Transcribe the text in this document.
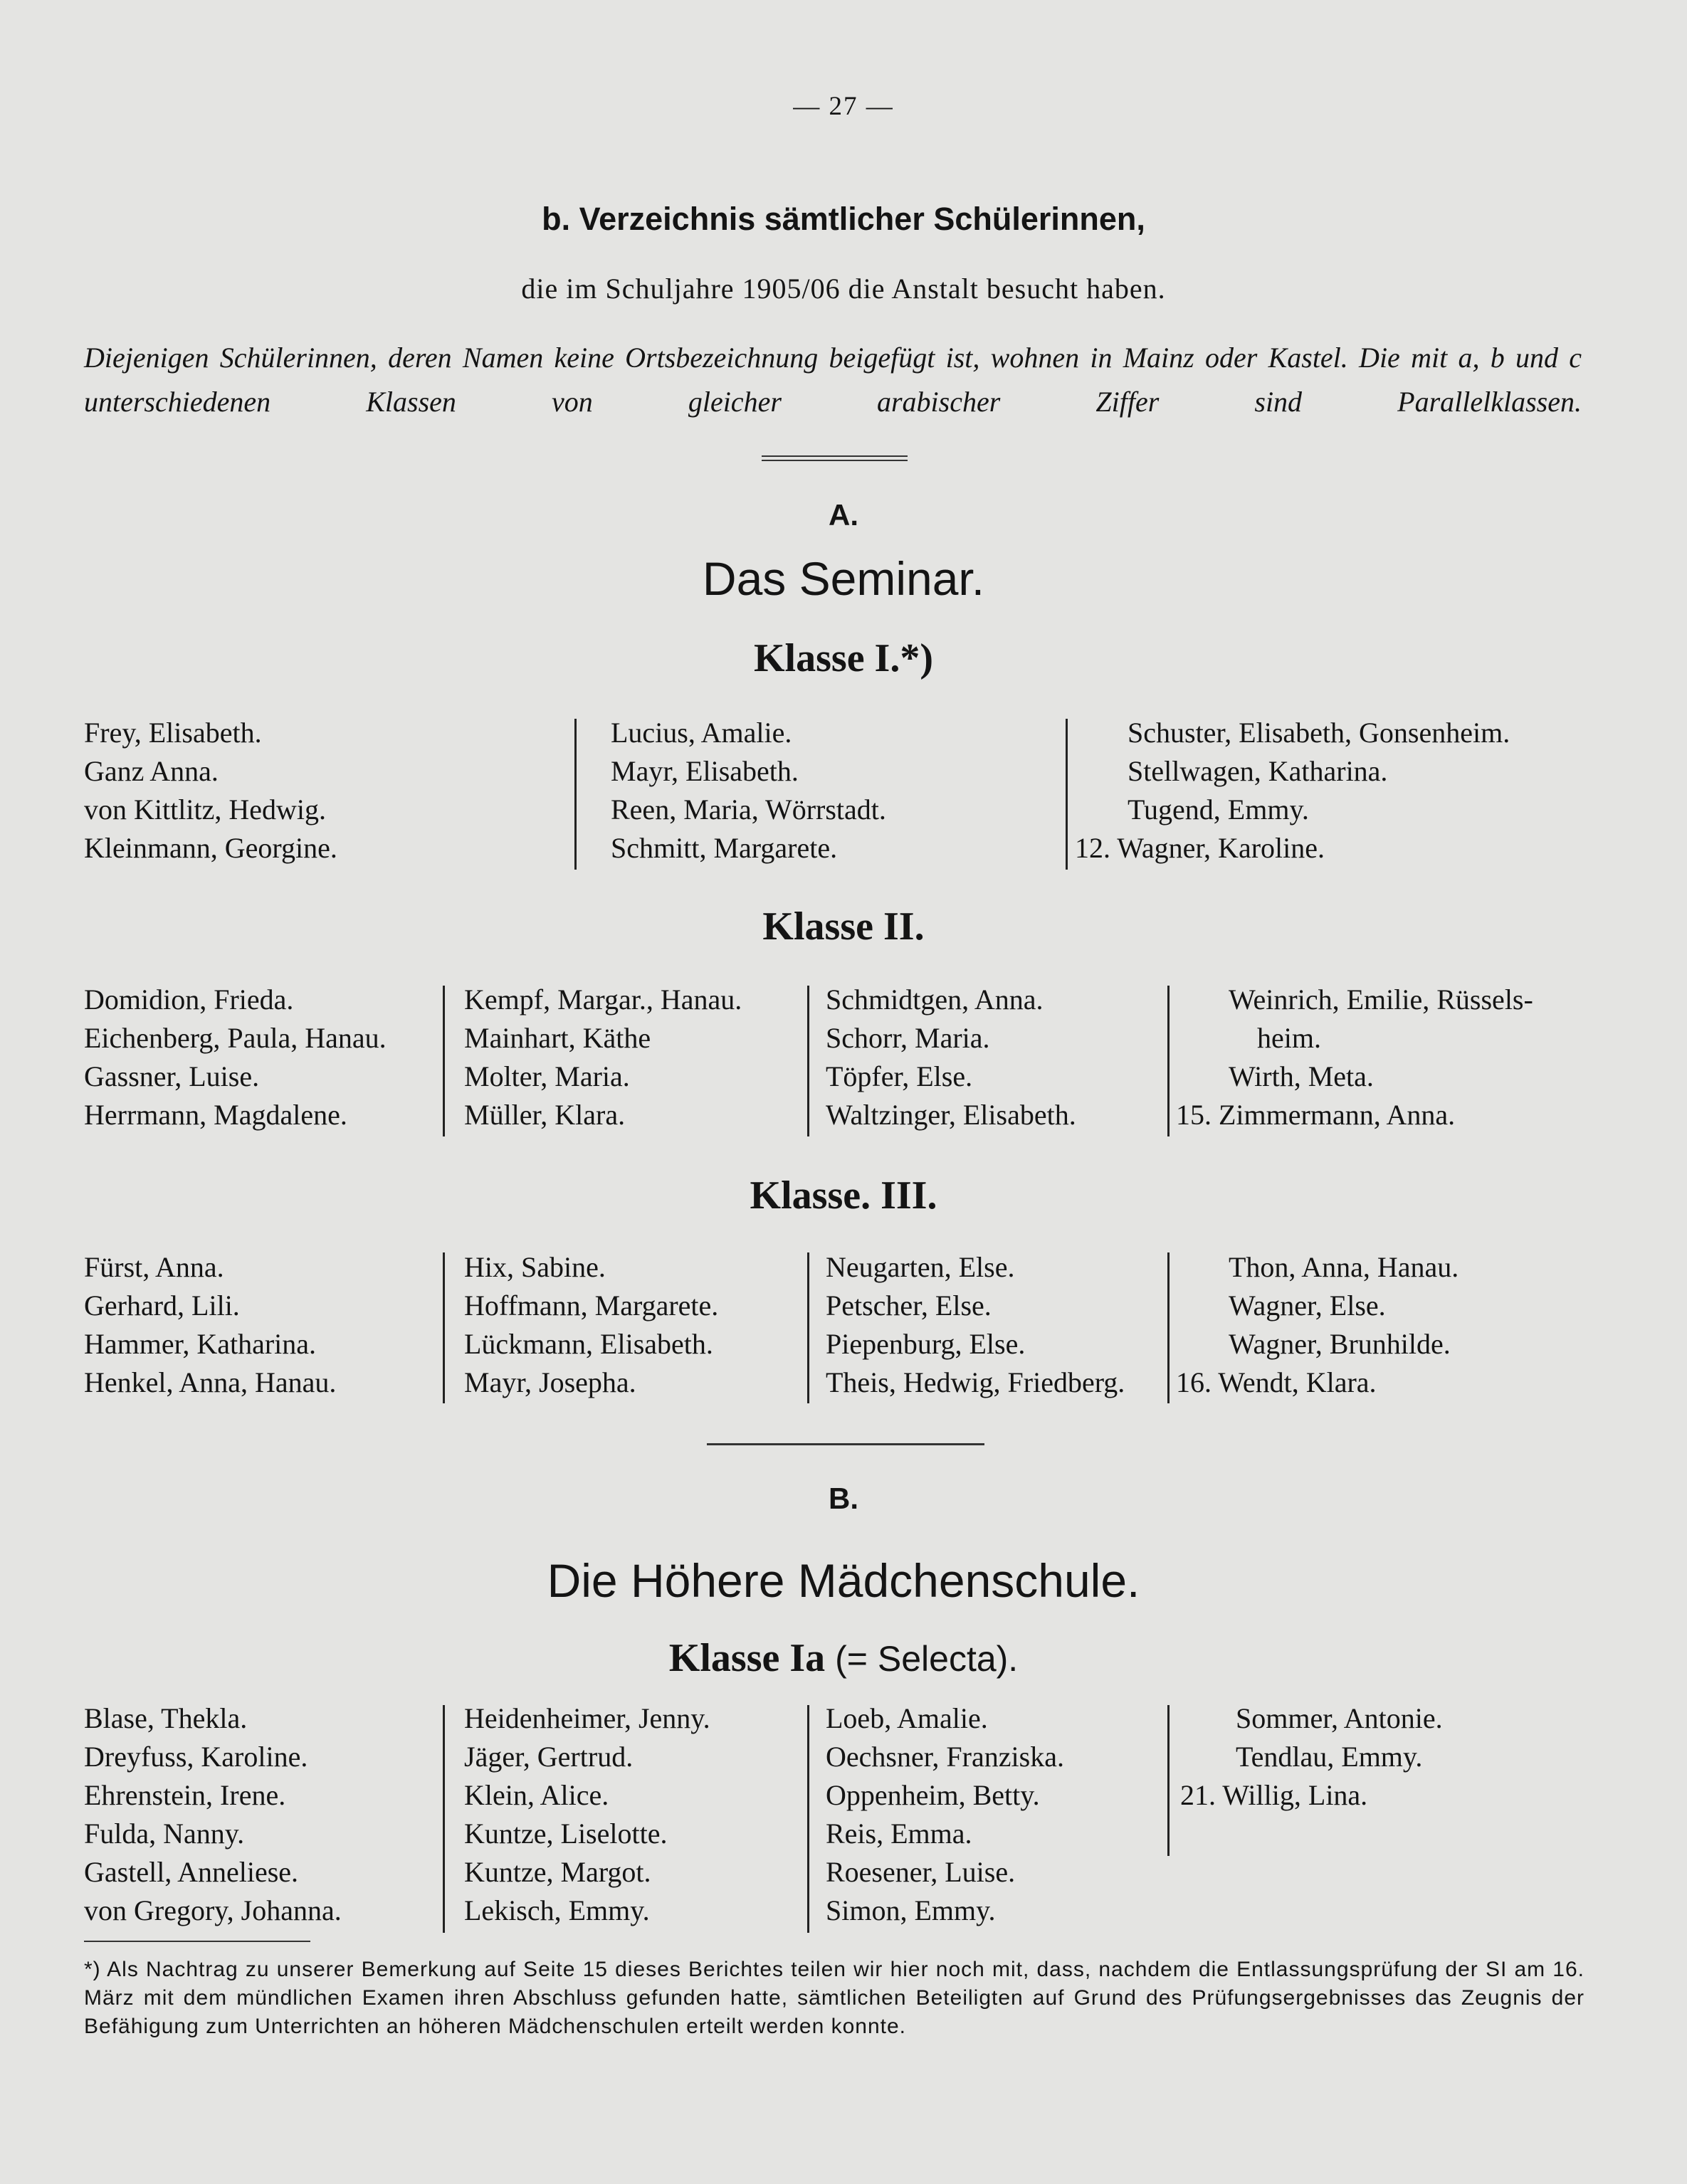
— 27 —
b. Verzeichnis sämtlicher Schülerinnen,
die im Schuljahre 1905/06 die Anstalt besucht haben.
Diejenigen Schülerinnen, deren Namen keine Ortsbezeichnung beigefügt ist, wohnen in Mainz oder Kastel. Die mit a, b und c unterschiedenen Klassen von gleicher arabischer Ziffer sind Parallelklassen.
A.
Das Seminar.
Klasse I.*)
Frey, Elisabeth.
Ganz Anna.
von Kittlitz, Hedwig.
Kleinmann, Georgine.
Lucius, Amalie.
Mayr, Elisabeth.
Reen, Maria, Wörrstadt.
Schmitt, Margarete.
Schuster, Elisabeth, Gonsenheim.
Stellwagen, Katharina.
Tugend, Emmy.
12. Wagner, Karoline.
Klasse II.
Domidion, Frieda.
Eichenberg, Paula, Hanau.
Gassner, Luise.
Herrmann, Magdalene.
Kempf, Margar., Hanau.
Mainhart, Käthe
Molter, Maria.
Müller, Klara.
Schmidtgen, Anna.
Schorr, Maria.
Töpfer, Else.
Waltzinger, Elisabeth.
Weinrich, Emilie, Rüssels-
heim.
Wirth, Meta.
15. Zimmermann, Anna.
Klasse. III.
Fürst, Anna.
Gerhard, Lili.
Hammer, Katharina.
Henkel, Anna, Hanau.
Hix, Sabine.
Hoffmann, Margarete.
Lückmann, Elisabeth.
Mayr, Josepha.
Neugarten, Else.
Petscher, Else.
Piepenburg, Else.
Theis, Hedwig, Friedberg.
Thon, Anna, Hanau.
Wagner, Else.
Wagner, Brunhilde.
16. Wendt, Klara.
B.
Die Höhere Mädchenschule.
Klasse Ia (= Selecta).
Blase, Thekla.
Dreyfuss, Karoline.
Ehrenstein, Irene.
Fulda, Nanny.
Gastell, Anneliese.
von Gregory, Johanna.
Heidenheimer, Jenny.
Jäger, Gertrud.
Klein, Alice.
Kuntze, Liselotte.
Kuntze, Margot.
Lekisch, Emmy.
Loeb, Amalie.
Oechsner, Franziska.
Oppenheim, Betty.
Reis, Emma.
Roesener, Luise.
Simon, Emmy.
Sommer, Antonie.
Tendlau, Emmy.
21. Willig, Lina.
*) Als Nachtrag zu unserer Bemerkung auf Seite 15 dieses Berichtes teilen wir hier noch mit, dass, nachdem die Entlassungsprüfung der SI am 16. März mit dem mündlichen Examen ihren Abschluss gefunden hatte, sämtlichen Beteiligten auf Grund des Prüfungsergebnisses das Zeugnis der Befähigung zum Unterrichten an höheren Mädchenschulen erteilt werden konnte.
